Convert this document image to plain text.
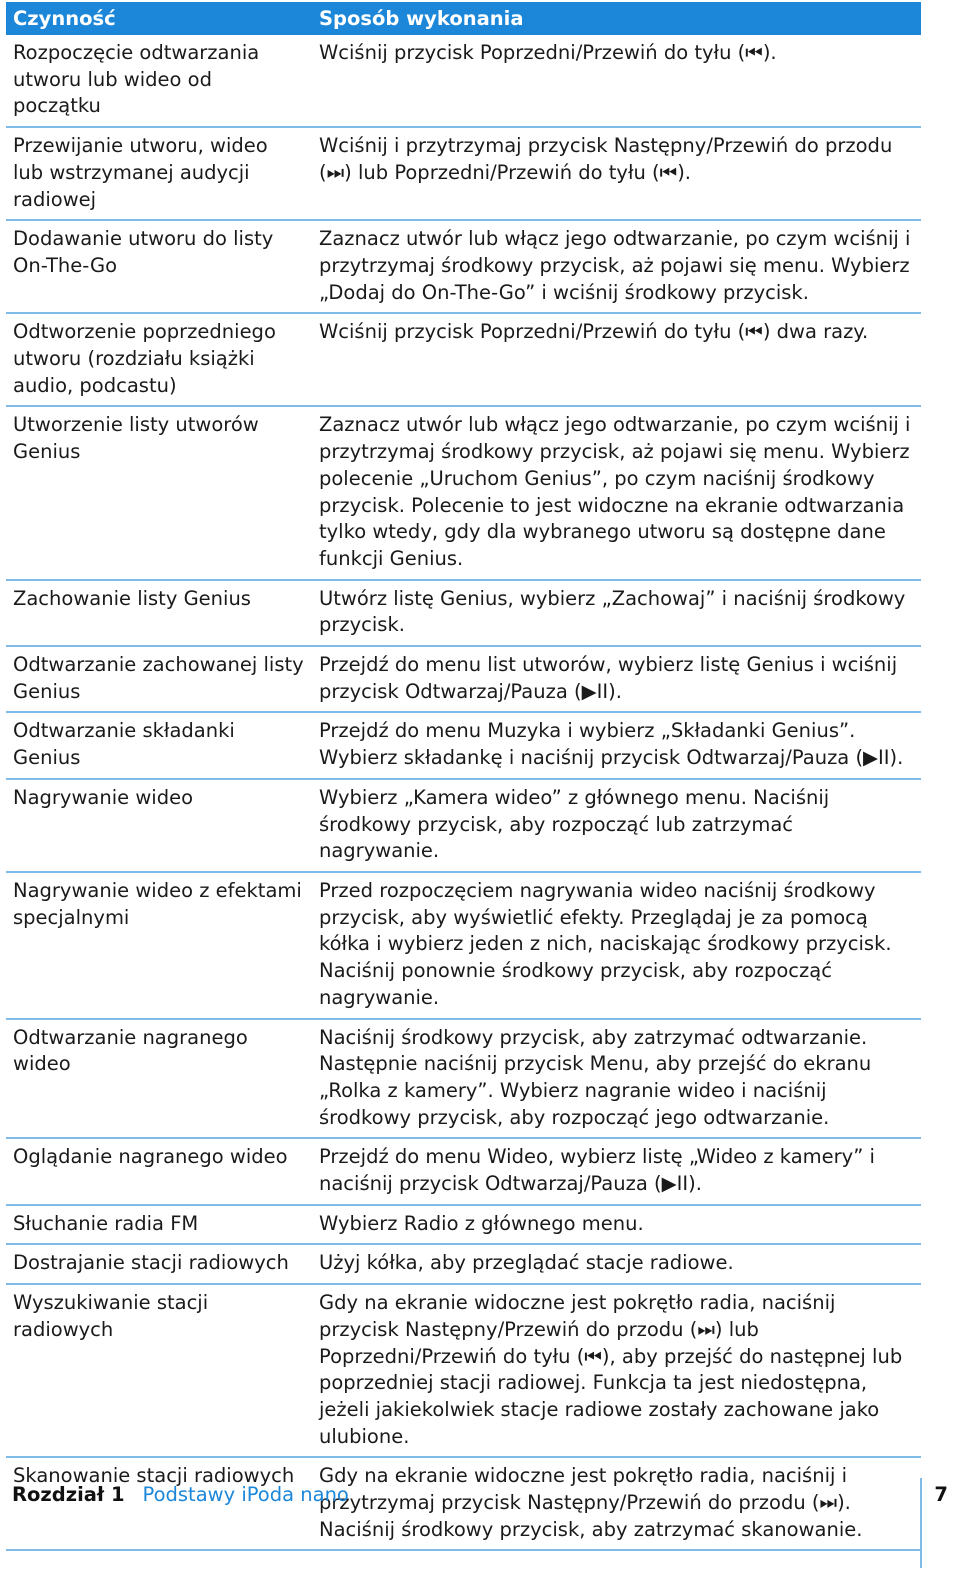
Czynność	Sposób wykonania
Rozpoczęcie odtwarzania utworu lub wideo od początku	Wciśnij przycisk Poprzedni/Przewiń do tyłu (⏮).
Przewijanie utworu, wideo lub wstrzymanej audycji radiowej	Wciśnij i przytrzymaj przycisk Następny/Przewiń do przodu (⏭) lub Poprzedni/Przewiń do tyłu (⏮).
Dodawanie utworu do listy On-The-Go	Zaznacz utwór lub włącz jego odtwarzanie, po czym wciśnij i przytrzymaj środkowy przycisk, aż pojawi się menu. Wybierz „Dodaj do On-The-Go” i wciśnij środkowy przycisk.
Odtworzenie poprzedniego utworu (rozdziału książki audio, podcastu)	Wciśnij przycisk Poprzedni/Przewiń do tyłu (⏮) dwa razy.
Utworzenie listy utworów Genius	Zaznacz utwór lub włącz jego odtwarzanie, po czym wciśnij i przytrzymaj środkowy przycisk, aż pojawi się menu. Wybierz polecenie „Uruchom Genius”, po czym naciśnij środkowy przycisk. Polecenie to jest widoczne na ekranie odtwarzania tylko wtedy, gdy dla wybranego utworu są dostępne dane funkcji Genius.
Zachowanie listy Genius	Utwórz listę Genius, wybierz „Zachowaj” i naciśnij środkowy przycisk.
Odtwarzanie zachowanej listy Genius	Przejdź do menu list utworów, wybierz listę Genius i wciśnij przycisk Odtwarzaj/Pauza (▶︎II).
Odtwarzanie składanki Genius	Przejdź do menu Muzyka i wybierz „Składanki Genius”. Wybierz składankę i naciśnij przycisk Odtwarzaj/Pauza (▶︎II).
Nagrywanie wideo	Wybierz „Kamera wideo” z głównego menu. Naciśnij środkowy przycisk, aby rozpocząć lub zatrzymać nagrywanie.
Nagrywanie wideo z efektami specjalnymi	Przed rozpoczęciem nagrywania wideo naciśnij środkowy przycisk, aby wyświetlić efekty. Przeglądaj je za pomocą kółka i wybierz jeden z nich, naciskając środkowy przycisk. Naciśnij ponownie środkowy przycisk, aby rozpocząć nagrywanie.
Odtwarzanie nagranego wideo	Naciśnij środkowy przycisk, aby zatrzymać odtwarzanie. Następnie naciśnij przycisk Menu, aby przejść do ekranu „Rolka z kamery”. Wybierz nagranie wideo i naciśnij środkowy przycisk, aby rozpocząć jego odtwarzanie.
Oglądanie nagranego wideo	Przejdź do menu Wideo, wybierz listę „Wideo z kamery” i naciśnij przycisk Odtwarzaj/Pauza (▶︎II).
Słuchanie radia FM	Wybierz Radio z głównego menu.
Dostrajanie stacji radiowych	Użyj kółka, aby przeglądać stacje radiowe.
Wyszukiwanie stacji radiowych	Gdy na ekranie widoczne jest pokrętło radia, naciśnij przycisk Następny/Przewiń do przodu (⏭) lub Poprzedni/Przewiń do tyłu (⏮), aby przejść do następnej lub poprzedniej stacji radiowej. Funkcja ta jest niedostępna, jeżeli jakiekolwiek stacje radiowe zostały zachowane jako ulubione.
Skanowanie stacji radiowych	Gdy na ekranie widoczne jest pokrętło radia, naciśnij i przytrzymaj przycisk Następny/Przewiń do przodu (⏭). Naciśnij środkowy przycisk, aby zatrzymać skanowanie.
Rozdział 1 Podstawy iPoda nano	7
